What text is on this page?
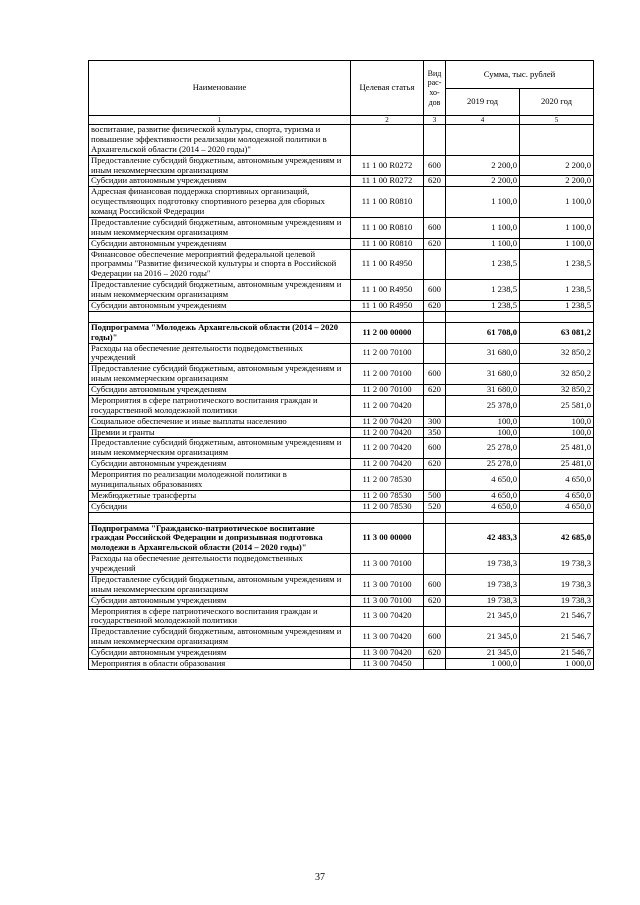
Наименование	Целевая статья	Вид рас-хо-дов	Сумма, тыс. рублей	
			2019 год	2020 год
1	2	3	4	5
воспитание, развитие физической культуры, спорта, туризма и повышение эффективности реализации молодежной политики в Архангельской области (2014 – 2020 годы)"				
Предоставление субсидий бюджетным, автономным учреждениям и иным некоммерческим организациям	11 1 00 R0272	600	2 200,0	2 200,0
Субсидии автономным учреждениям	11 1 00 R0272	620	2 200,0	2 200,0
Адресная финансовая поддержка спортивных организаций, осуществляющих подготовку спортивного резерва для сборных команд Российской Федерации	11 1 00 R0810		1 100,0	1 100,0
Предоставление субсидий бюджетным, автономным учреждениям и иным некоммерческим организациям	11 1 00 R0810	600	1 100,0	1 100,0
Субсидии автономным учреждениям	11 1 00 R0810	620	1 100,0	1 100,0
Финансовое обеспечение мероприятий федеральной целевой программы "Развитие физической культуры и спорта в Российской Федерации на 2016 – 2020 годы"	11 1 00 R4950		1 238,5	1 238,5
Предоставление субсидий бюджетным, автономным учреждениям и иным некоммерческим организациям	11 1 00 R4950	600	1 238,5	1 238,5
Субсидии автономным учреждениям	11 1 00 R4950	620	1 238,5	1 238,5

Подпрограмма "Молодежь Архангельской области (2014 – 2020 годы)"	11 2 00 00000		61 708,0	63 081,2
Расходы на обеспечение деятельности подведомственных учреждений	11 2 00 70100		31 680,0	32 850,2
Предоставление субсидий бюджетным, автономным учреждениям и иным некоммерческим организациям	11 2 00 70100	600	31 680,0	32 850,2
Субсидии автономным учреждениям	11 2 00 70100	620	31 680,0	32 850,2
Мероприятия в сфере патриотического воспитания граждан и государственной молодежной политики	11 2 00 70420		25 378,0	25 581,0
Социальное обеспечение и иные выплаты населению	11 2 00 70420	300	100,0	100,0
Премии и гранты	11 2 00 70420	350	100,0	100,0
Предоставление субсидий бюджетным, автономным учреждениям и иным некоммерческим организациям	11 2 00 70420	600	25 278,0	25 481,0
Субсидии автономным учреждениям	11 2 00 70420	620	25 278,0	25 481,0
Мероприятия по реализации молодежной политики в муниципальных образованиях	11 2 00 78530		4 650,0	4 650,0
Межбюджетные трансферты	11 2 00 78530	500	4 650,0	4 650,0
Субсидии	11 2 00 78530	520	4 650,0	4 650,0

Подпрограмма "Гражданско-патриотическое воспитание граждан Российской Федерации и допризывная подготовка молодежи в Архангельской области (2014 – 2020 годы)"	11 3 00 00000		42 483,3	42 685,0
Расходы на обеспечение деятельности подведомственных учреждений	11 3 00 70100		19 738,3	19 738,3
Предоставление субсидий бюджетным, автономным учреждениям и иным некоммерческим организациям	11 3 00 70100	600	19 738,3	19 738,3
Субсидии автономным учреждениям	11 3 00 70100	620	19 738,3	19 738,3
Мероприятия в сфере патриотического воспитания граждан и государственной молодежной политики	11 3 00 70420		21 345,0	21 546,7
Предоставление субсидий бюджетным, автономным учреждениям и иным некоммерческим организациям	11 3 00 70420	600	21 345,0	21 546,7
Субсидии автономным учреждениям	11 3 00 70420	620	21 345,0	21 546,7
Мероприятия в области образования	11 3 00 70450		1 000,0	1 000,0
37
